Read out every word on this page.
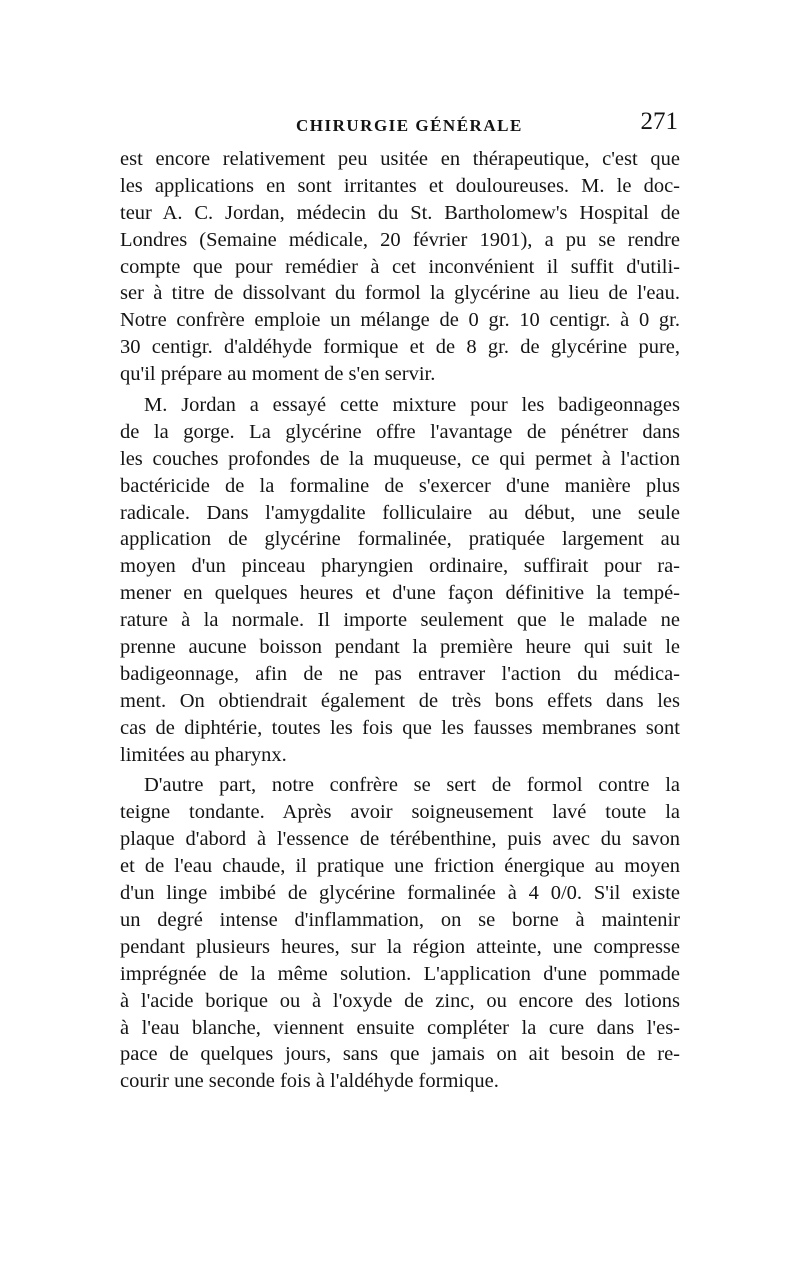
CHIRURGIE GÉNÉRALE	271
est encore relativement peu usitée en thérapeutique, c'est que
les applications en sont irritantes et douloureuses. M. le doc-
teur A. C. Jordan, médecin du St. Bartholomew's Hospital de
Londres (Semaine médicale, 20 février 1901), a pu se rendre
compte que pour remédier à cet inconvénient il suffit d'utili-
ser à titre de dissolvant du formol la glycérine au lieu de l'eau.
Notre confrère emploie un mélange de 0 gr. 10 centigr. à 0 gr.
30 centigr. d'aldéhyde formique et de 8 gr. de glycérine pure,
qu'il prépare au moment de s'en servir.
M. Jordan a essayé cette mixture pour les badigeonnages
de la gorge. La glycérine offre l'avantage de pénétrer dans
les couches profondes de la muqueuse, ce qui permet à l'action
bactéricide de la formaline de s'exercer d'une manière plus
radicale. Dans l'amygdalite folliculaire au début, une seule
application de glycérine formalinée, pratiquée largement au
moyen d'un pinceau pharyngien ordinaire, suffirait pour ra-
mener en quelques heures et d'une façon définitive la tempé-
rature à la normale. Il importe seulement que le malade ne
prenne aucune boisson pendant la première heure qui suit le
badigeonnage, afin de ne pas entraver l'action du médica-
ment. On obtiendrait également de très bons effets dans les
cas de diphtérie, toutes les fois que les fausses membranes sont
limitées au pharynx.
D'autre part, notre confrère se sert de formol contre la
teigne tondante. Après avoir soigneusement lavé toute la
plaque d'abord à l'essence de térébenthine, puis avec du savon
et de l'eau chaude, il pratique une friction énergique au moyen
d'un linge imbibé de glycérine formalinée à 4 0/0. S'il existe
un degré intense d'inflammation, on se borne à maintenir
pendant plusieurs heures, sur la région atteinte, une compresse
imprégnée de la même solution. L'application d'une pommade
à l'acide borique ou à l'oxyde de zinc, ou encore des lotions
à l'eau blanche, viennent ensuite compléter la cure dans l'es-
pace de quelques jours, sans que jamais on ait besoin de re-
courir une seconde fois à l'aldéhyde formique.
